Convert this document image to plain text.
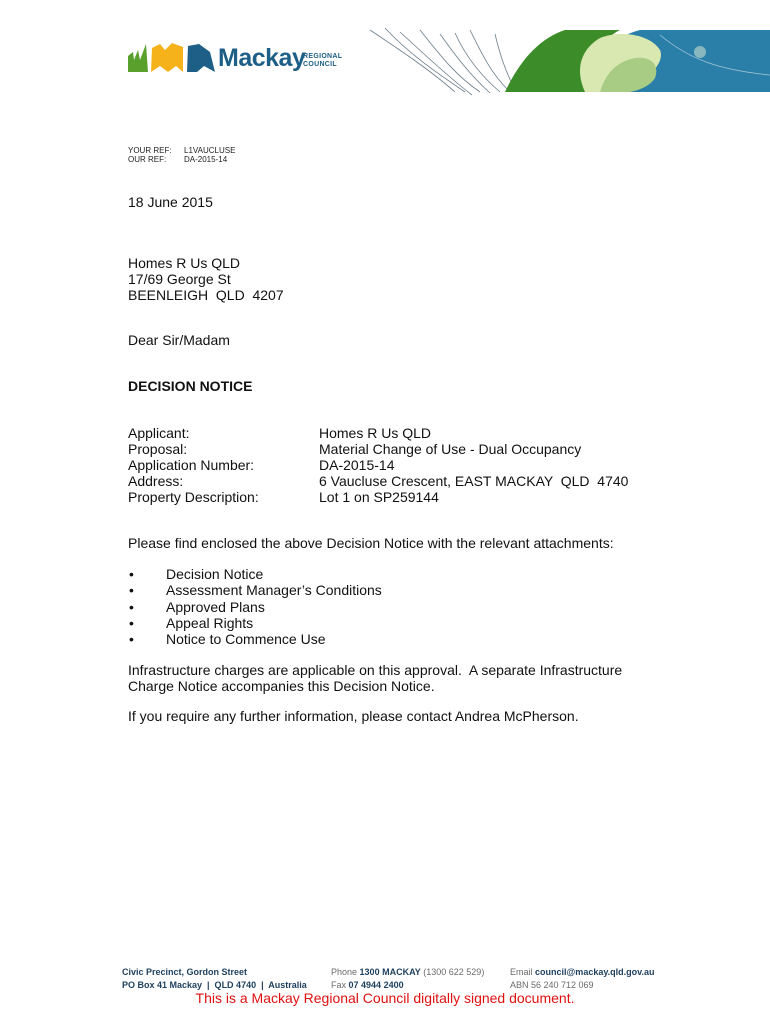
Mackay
REGIONAL
COUNCIL
YOUR REF: L1VAUCLUSE
OUR REF: DA-2015-14
18 June 2015
Homes R Us QLD
17/69 George St
BEENLEIGH  QLD  4207
Dear Sir/Madam
DECISION NOTICE
Applicant:	Homes R Us QLD
Proposal:	Material Change of Use - Dual Occupancy
Application Number:	DA-2015-14
Address:	6 Vaucluse Crescent, EAST MACKAY  QLD  4740
Property Description:	Lot 1 on SP259144
Please find enclosed the above Decision Notice with the relevant attachments:
•	Decision Notice
•	Assessment Manager’s Conditions
•	Approved Plans
•	Appeal Rights
•	Notice to Commence Use
Infrastructure charges are applicable on this approval.  A separate Infrastructure
Charge Notice accompanies this Decision Notice.
If you require any further information, please contact Andrea McPherson.
Civic Precinct, Gordon Street
PO Box 41 Mackay  |  QLD 4740  |  Australia
Phone 1300 MACKAY (1300 622 529)
Fax 07 4944 2400
Email council@mackay.qld.gov.au
ABN 56 240 712 069
This is a Mackay Regional Council digitally signed document.
